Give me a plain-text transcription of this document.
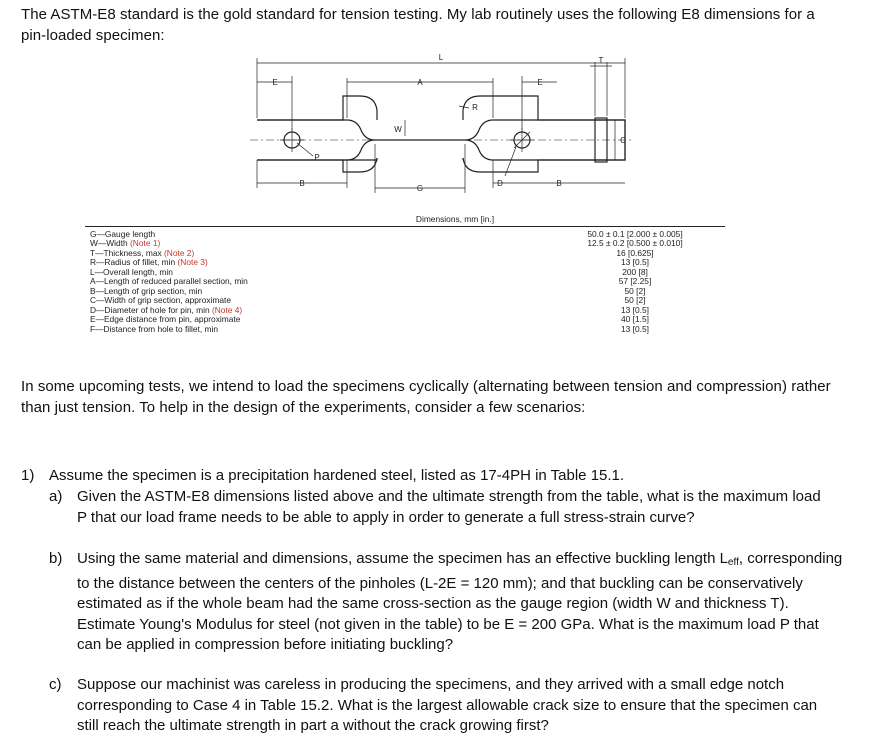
The ASTM-E8 standard is the gold standard for tension testing. My lab routinely uses the following E8 dimensions for a
pin-loaded specimen:
L
A
E	E
T
W
R
P
C
B
G
D	B
Dimensions, mm [in.]
G—Gauge length
W—Width (Note 1)
T—Thickness, max (Note 2)
R—Radius of fillet, min (Note 3)
L—Overall length, min
A—Length of reduced parallel section, min
B—Length of grip section, min
C—Width of grip section, approximate
D—Diameter of hole for pin, min (Note 4)
E—Edge distance from pin, approximate
F—Distance from hole to fillet, min
50.0 ± 0.1 [2.000 ± 0.005]
12.5 ± 0.2 [0.500 ± 0.010]
16 [0.625]
13 [0.5]
200 [8]
57 [2.25]
50 [2]
50 [2]
13 [0.5]
40 [1.5]
13 [0.5]
In some upcoming tests, we intend to load the specimens cyclically (alternating between tension and compression) rather
than just tension. To help in the design of the experiments, consider a few scenarios:
1) Assume the specimen is a precipitation hardened steel, listed as 17-4PH in Table 15.1.
a) Given the ASTM-E8 dimensions listed above and the ultimate strength from the table, what is the maximum load
P that our load frame needs to be able to apply in order to generate a full stress-strain curve?
b) Using the same material and dimensions, assume the specimen has an effective buckling length $L_{eff}$, corresponding
to the distance between the centers of the pinholes (L-2E = 120 mm); and that buckling can be conservatively
estimated as if the whole beam had the same cross-section as the gauge region (width W and thickness T).
Estimate Young's Modulus for steel (not given in the table) to be E = 200 GPa. What is the maximum load P that
can be applied in compression before initiating buckling?
c) Suppose our machinist was careless in producing the specimens, and they arrived with a small edge notch
corresponding to Case 4 in Table 15.2. What is the largest allowable crack size to ensure that the specimen can
still reach the ultimate strength in part a without the crack growing first?
